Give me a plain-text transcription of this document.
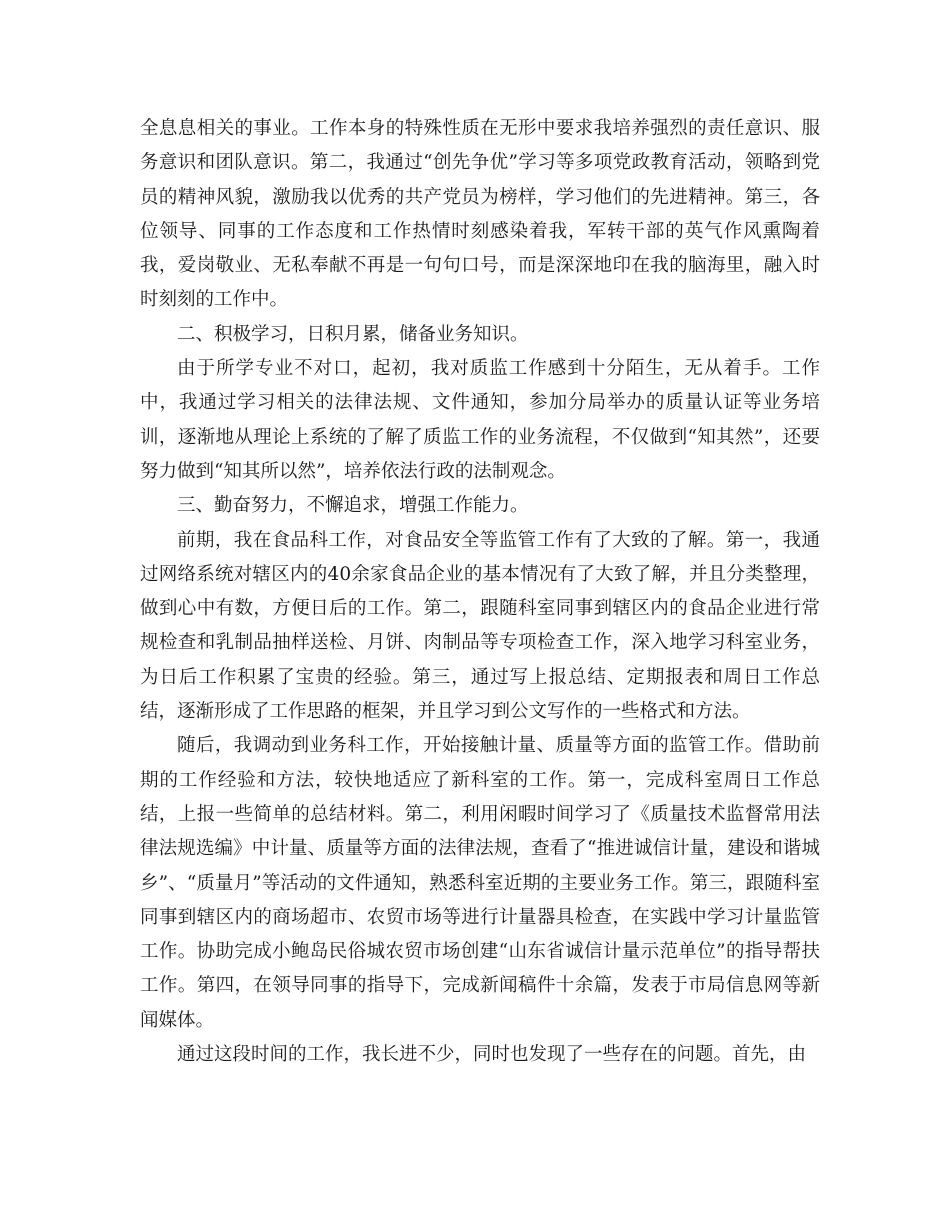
全息息相关的事业。工作本身的特殊性质在无形中要求我培养强烈的责任意识、服务意识和团队意识。第二，我通过“创先争优”学习等多项党政教育活动，领略到党员的精神风貌，激励我以优秀的共产党员为榜样，学习他们的先进精神。第三，各位领导、同事的工作态度和工作热情时刻感染着我，军转干部的英气作风熏陶着我，爱岗敬业、无私奉献不再是一句句口号，而是深深地印在我的脑海里，融入时时刻刻的工作中。

二、积极学习，日积月累，储备业务知识。

由于所学专业不对口，起初，我对质监工作感到十分陌生，无从着手。工作中，我通过学习相关的法律法规、文件通知，参加分局举办的质量认证等业务培训，逐渐地从理论上系统的了解了质监工作的业务流程，不仅做到“知其然”，还要努力做到“知其所以然”，培养依法行政的法制观念。

三、勤奋努力，不懈追求，增强工作能力。

前期，我在食品科工作，对食品安全等监管工作有了大致的了解。第一，我通过网络系统对辖区内的40余家食品企业的基本情况有了大致了解，并且分类整理，做到心中有数，方便日后的工作。第二，跟随科室同事到辖区内的食品企业进行常规检查和乳制品抽样送检、月饼、肉制品等专项检查工作，深入地学习科室业务，为日后工作积累了宝贵的经验。第三，通过写上报总结、定期报表和周日工作总结，逐渐形成了工作思路的框架，并且学习到公文写作的一些格式和方法。

随后，我调动到业务科工作，开始接触计量、质量等方面的监管工作。借助前期的工作经验和方法，较快地适应了新科室的工作。第一，完成科室周日工作总结，上报一些简单的总结材料。第二，利用闲暇时间学习了《质量技术监督常用法律法规选编》中计量、质量等方面的法律法规，查看了“推进诚信计量，建设和谐城乡”、“质量月”等活动的文件通知，熟悉科室近期的主要业务工作。第三，跟随科室同事到辖区内的商场超市、农贸市场等进行计量器具检查，在实践中学习计量监管工作。协助完成小鲍岛民俗城农贸市场创建“山东省诚信计量示范单位”的指导帮扶工作。第四，在领导同事的指导下，完成新闻稿件十余篇，发表于市局信息网等新闻媒体。

通过这段时间的工作，我长进不少，同时也发现了一些存在的问题。首先，由
